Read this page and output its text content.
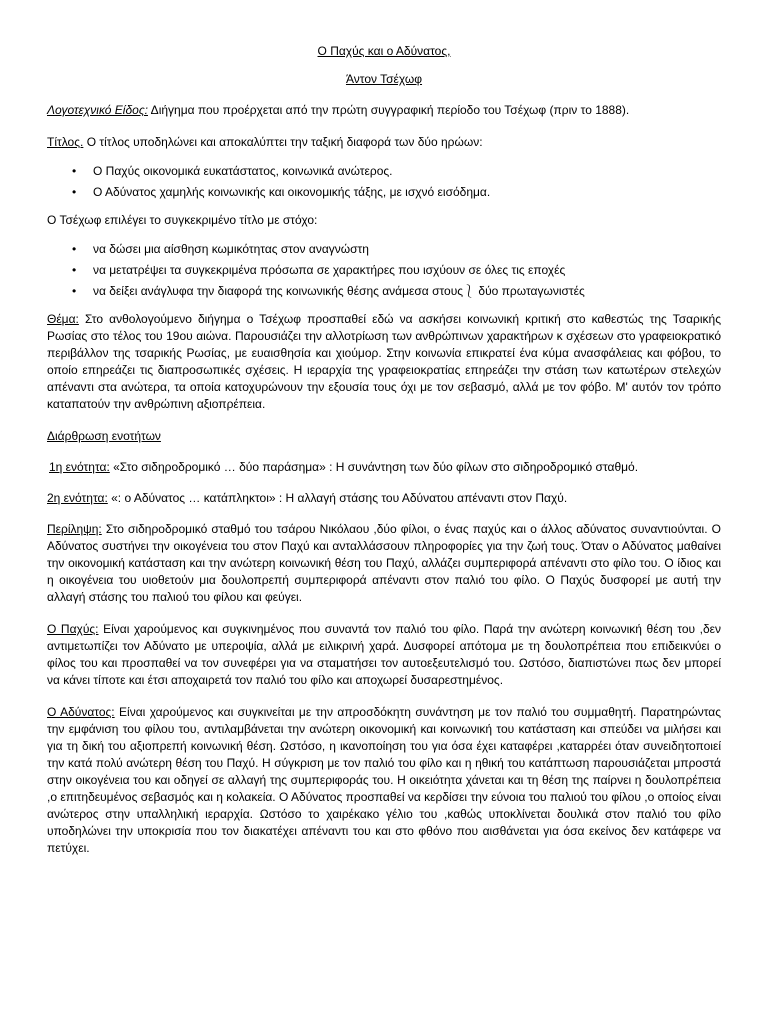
Ο Παχύς και ο Αδύνατος,
Άντον Τσέχωφ

Λογοτεχνικό Είδος: Διήγημα που προέρχεται από την πρώτη συγγραφική περίοδο του Τσέχωφ (πριν το 1888).

Τίτλος. Ο τίτλος υποδηλώνει και αποκαλύπτει την ταξική διαφορά των δύο ηρώων:

• Ο Παχύς οικονομικά ευκατάστατος, κοινωνικά ανώτερος.
• Ο Αδύνατος χαμηλής κοινωνικής και οικονομικής τάξης, με ισχνό εισόδημα.

Ο Τσέχωφ επιλέγει το συγκεκριμένο τίτλο με στόχο:

• να δώσει μια αίσθηση κωμικότητας στον αναγνώστη
• να μετατρέψει τα συγκεκριμένα πρόσωπα σε χαρακτήρες που ισχύουν σε όλες τις εποχές
• να δείξει ανάγλυφα την διαφορά της κοινωνικής θέσης ανάμεσα στους⎱ δύο πρωταγωνιστές

Θέμα: Στο ανθολογούμενο διήγημα ο Τσέχωφ προσπαθεί εδώ να ασκήσει κοινωνική κριτική στο καθεστώς της Τσαρικής Ρωσίας στο τέλος του 19ου αιώνα. Παρουσιάζει την αλλοτρίωση των ανθρώπινων χαρακτήρων κ σχέσεων στο γραφειοκρατικό περιβάλλον της τσαρικής Ρωσίας, με ευαισθησία και χιούμορ. Στην κοινωνία επικρατεί ένα κύμα ανασφάλειας και φόβου, το οποίο επηρεάζει τις διαπροσωπικές σχέσεις. Η ιεραρχία της γραφειοκρατίας επηρεάζει την στάση των κατωτέρων στελεχών απέναντι στα ανώτερα, τα οποία κατοχυρώνουν την εξουσία τους όχι με τον σεβασμό, αλλά με τον φόβο. Μ' αυτόν τον τρόπο καταπατούν την ανθρώπινη αξιοπρέπεια.

Διάρθρωση ενοτήτων

1η ενότητα: «Στο σιδηροδρομικό … δύο παράσημα» : Η συνάντηση των δύο φίλων στο σιδηροδρομικό σταθμό.

2η ενότητα: «: ο Αδύνατος … κατάπληκτοι» : Η αλλαγή στάσης του Αδύνατου απέναντι στον Παχύ.

Περίληψη: Στο σιδηροδρομικό σταθμό του τσάρου Νικόλαου ,δύο φίλοι, ο ένας παχύς και ο άλλος αδύνατος συναντιούνται. Ο Αδύνατος συστήνει την οικογένεια του στον Παχύ και ανταλλάσσουν πληροφορίες για την ζωή τους. Όταν ο Αδύνατος μαθαίνει την οικονομική κατάσταση και την ανώτερη κοινωνική θέση του Παχύ, αλλάζει συμπεριφορά απέναντι στο φίλο του. Ο ίδιος και η οικογένεια του υιοθετούν μια δουλοπρεπή συμπεριφορά απέναντι στον παλιό του φίλο. Ο Παχύς δυσφορεί με αυτή την αλλαγή στάσης του παλιού του φίλου και φεύγει.

Ο Παχύς: Είναι χαρούμενος και συγκινημένος που συναντά τον παλιό του φίλο. Παρά την ανώτερη κοινωνική θέση του ,δεν αντιμετωπίζει τον Αδύνατο με υπεροψία, αλλά με ειλικρινή χαρά. Δυσφορεί απότομα με τη δουλοπρέπεια που επιδεικνύει ο φίλος του και προσπαθεί να τον συνεφέρει για να σταματήσει τον αυτοεξευτελισμό του. Ωστόσο, διαπιστώνει πως δεν μπορεί να κάνει τίποτε και έτσι αποχαιρετά τον παλιό του φίλο και αποχωρεί δυσαρεστημένος.

Ο Αδύνατος: Είναι χαρούμενος και συγκινείται με την απροσδόκητη συνάντηση με τον παλιό του συμμαθητή. Παρατηρώντας την εμφάνιση του φίλου του, αντιλαμβάνεται την ανώτερη οικονομική και κοινωνική του κατάσταση και σπεύδει να μιλήσει και για τη δική του αξιοπρεπή κοινωνική θέση. Ωστόσο, η ικανοποίηση του για όσα έχει καταφέρει ,καταρρέει όταν συνειδητοποιεί την κατά πολύ ανώτερη θέση του Παχύ. Η σύγκριση με τον παλιό του φίλο και η ηθική του κατάπτωση παρουσιάζεται μπροστά στην οικογένεια του και οδηγεί σε αλλαγή της συμπεριφοράς του. Η οικειότητα χάνεται και τη θέση της παίρνει η δουλοπρέπεια ,ο επιτηδευμένος σεβασμός και η κολακεία. Ο Αδύνατος προσπαθεί να κερδίσει την εύνοια του παλιού του φίλου ,ο οποίος είναι ανώτερος στην υπαλληλική ιεραρχία. Ωστόσο το χαιρέκακο γέλιο του ,καθώς υποκλίνεται δουλικά στον παλιό του φίλο υποδηλώνει την υποκρισία που τον διακατέχει απέναντι του και στο φθόνο που αισθάνεται για όσα εκείνος δεν κατάφερε να πετύχει.
